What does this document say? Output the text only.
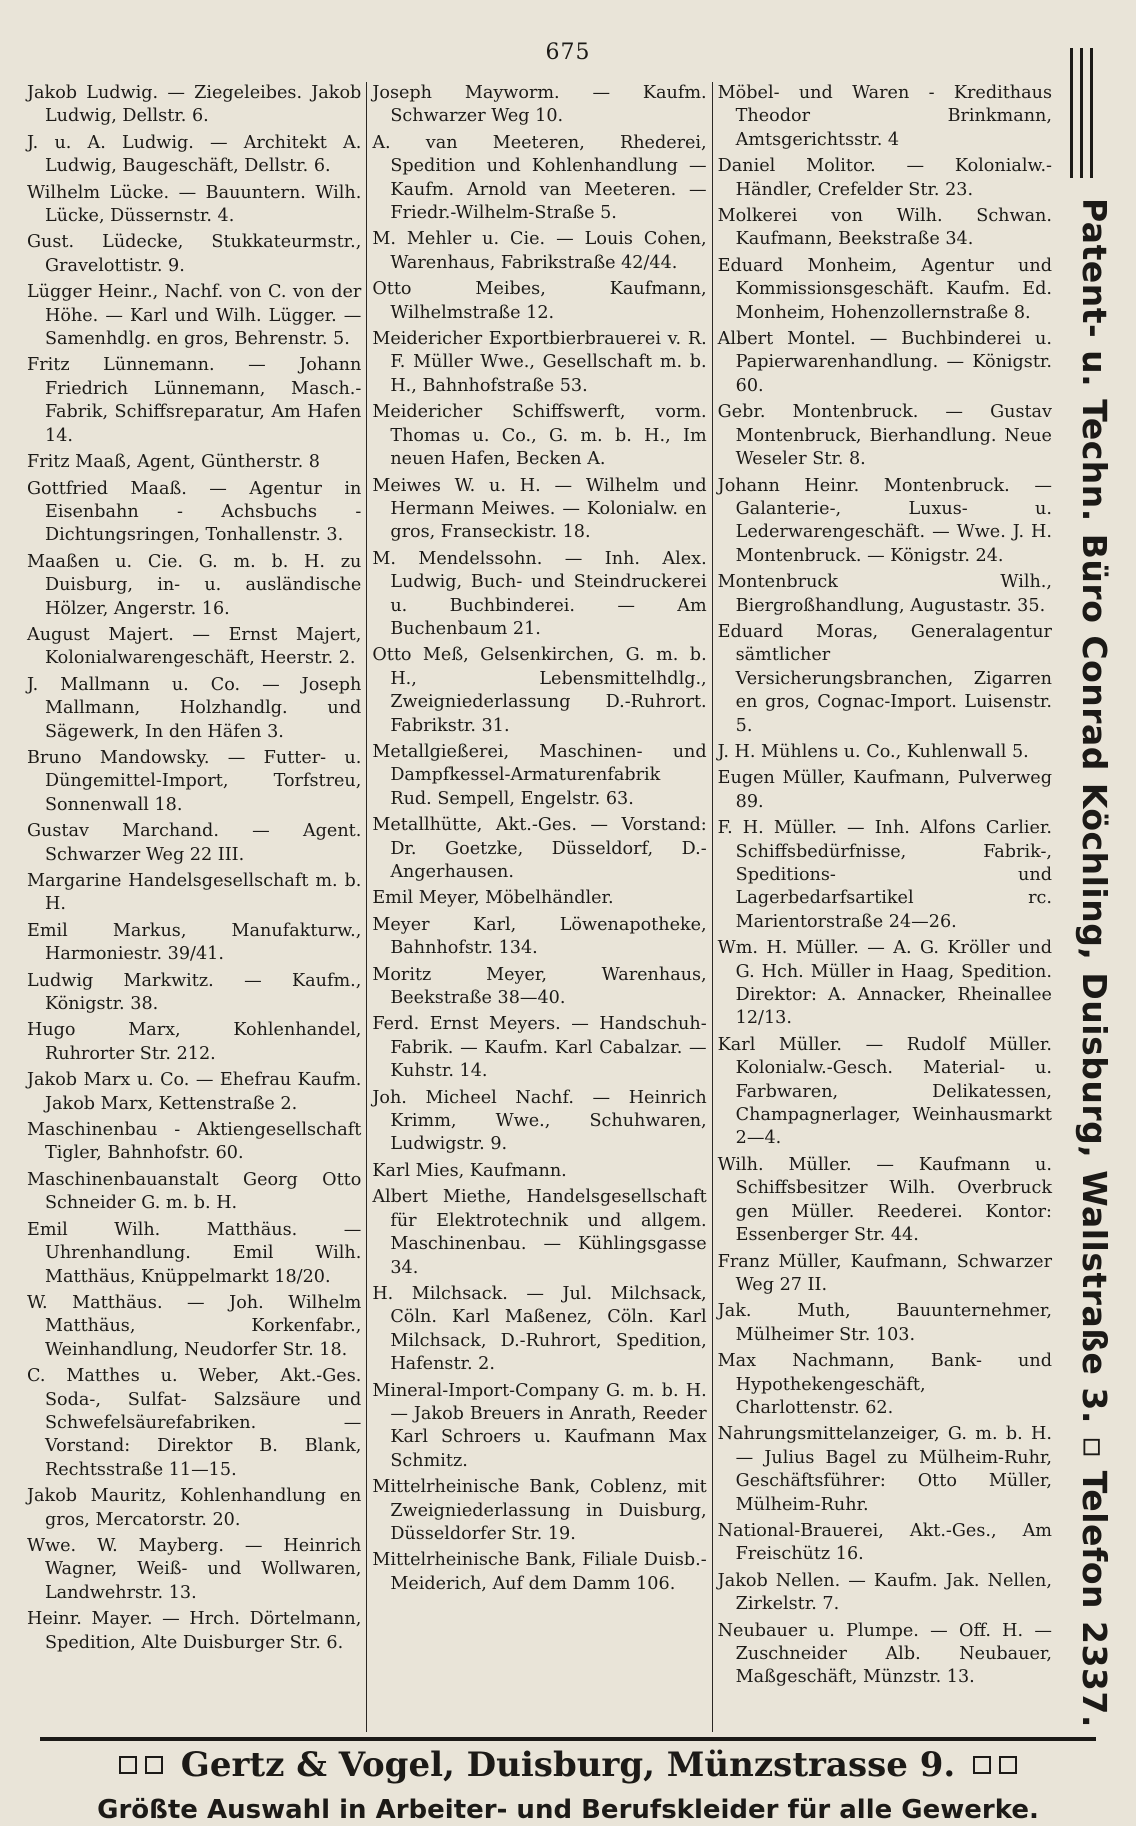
675

Jakob Ludwig. — Ziegeleibes. Jakob Ludwig, Dellstr. 6.

J. u. A. Ludwig. — Architekt A. Ludwig, Baugeschäft, Dellstr. 6.

Wilhelm Lücke. — Bauuntern. Wilh. Lücke, Düssernstr. 4.

Gust. Lüdecke, Stukkateurmstr., Gravelottistr. 9.

Lügger Heinr., Nachf. von C. von der Höhe. — Karl und Wilh. Lügger. — Samenhdlg. en gros, Behrenstr. 5.

Fritz Lünnemann. — Johann Friedrich Lünnemann, Masch.-Fabrik, Schiffsreparatur, Am Hafen 14.

Fritz Maaß, Agent, Güntherstr. 8

Gottfried Maaß. — Agentur in Eisenbahn - Achsbuchs - Dichtungsringen, Tonhallenstr. 3.

Maaßen u. Cie. G. m. b. H. zu Duisburg, in- u. ausländische Hölzer, Angerstr. 16.

August Majert. — Ernst Majert, Kolonialwarengeschäft, Heerstr. 2.

J. Mallmann u. Co. — Joseph Mallmann, Holzhandlg. und Sägewerk, In den Häfen 3.

Bruno Mandowsky. — Futter- u. Düngemittel-Import, Torfstreu, Sonnenwall 18.

Gustav Marchand. — Agent. Schwarzer Weg 22 III.

Margarine Handelsgesellschaft m. b. H.

Emil Markus, Manufakturw., Harmoniestr. 39/41.

Ludwig Markwitz. — Kaufm., Königstr. 38.

Hugo Marx, Kohlenhandel, Ruhrorter Str. 212.

Jakob Marx u. Co. — Ehefrau Kaufm. Jakob Marx, Kettenstraße 2.

Maschinenbau - Aktiengesellschaft Tigler, Bahnhofstr. 60.

Maschinenbauanstalt Georg Otto Schneider G. m. b. H.

Emil Wilh. Matthäus. — Uhrenhandlung. Emil Wilh. Matthäus, Knüppelmarkt 18/20.

W. Matthäus. — Joh. Wilhelm Matthäus, Korkenfabr., Weinhandlung, Neudorfer Str. 18.

C. Matthes u. Weber, Akt.-Ges. Soda-, Sulfat- Salzsäure und Schwefelsäurefabriken. — Vorstand: Direktor B. Blank, Rechtsstraße 11—15.

Jakob Mauritz, Kohlenhandlung en gros, Mercatorstr. 20.

Wwe. W. Mayberg. — Heinrich Wagner, Weiß- und Wollwaren, Landwehrstr. 13.

Heinr. Mayer. — Hrch. Dörtelmann, Spedition, Alte Duisburger Str. 6.

Joseph Mayworm. — Kaufm. Schwarzer Weg 10.

A. van Meeteren, Rhederei, Spedition und Kohlenhandlung —Kaufm. Arnold van Meeteren. — Friedr.-Wilhelm-Straße 5.

M. Mehler u. Cie. — Louis Cohen, Warenhaus, Fabrikstraße 42/44.

Otto Meibes, Kaufmann, Wilhelmstraße 12.

Meidericher Exportbierbrauerei v. R. F. Müller Wwe., Gesellschaft m. b. H., Bahnhofstraße 53.

Meidericher Schiffswerft, vorm. Thomas u. Co., G. m. b. H., Im neuen Hafen, Becken A.

Meiwes W. u. H. — Wilhelm und Hermann Meiwes. — Kolonialw. en gros, Franseckistr. 18.

M. Mendelssohn. — Inh. Alex. Ludwig, Buch- und Steindruckerei u. Buchbinderei. — Am Buchenbaum 21.

Otto Meß, Gelsenkirchen, G. m. b. H., Lebensmittelhdlg., Zweigniederlassung D.-Ruhrort. Fabrikstr. 31.

Metallgießerei, Maschinen- und Dampfkessel-Armaturenfabrik Rud. Sempell, Engelstr. 63.

Metallhütte, Akt.-Ges. — Vorstand: Dr. Goetzke, Düsseldorf, D.-Angerhausen.

Emil Meyer, Möbelhändler.

Meyer Karl, Löwenapotheke, Bahnhofstr. 134.

Moritz Meyer, Warenhaus, Beekstraße 38—40.

Ferd. Ernst Meyers. — Handschuh-Fabrik. — Kaufm. Karl Cabalzar. — Kuhstr. 14.

Joh. Micheel Nachf. — Heinrich Krimm, Wwe., Schuhwaren, Ludwigstr. 9.

Karl Mies, Kaufmann.

Albert Miethe, Handelsgesellschaft für Elektrotechnik und allgem. Maschinenbau. — Kühlingsgasse 34.

H. Milchsack. — Jul. Milchsack, Cöln. Karl Maßenez, Cöln. Karl Milchsack, D.-Ruhrort, Spedition, Hafenstr. 2.

Mineral-Import-Company G. m. b. H. — Jakob Breuers in Anrath, Reeder Karl Schroers u. Kaufmann Max Schmitz.

Mittelrheinische Bank, Coblenz, mit Zweigniederlassung in Duisburg, Düsseldorfer Str. 19.

Mittelrheinische Bank, Filiale Duisb.-Meiderich, Auf dem Damm 106.

Möbel- und Waren - Kredithaus Theodor Brinkmann, Amtsgerichtsstr. 4

Daniel Molitor. — Kolonialw.-Händler, Crefelder Str. 23.

Molkerei von Wilh. Schwan. Kaufmann, Beekstraße 34.

Eduard Monheim, Agentur und Kommissionsgeschäft. Kaufm. Ed. Monheim, Hohenzollernstraße 8.

Albert Montel. — Buchbinderei u. Papierwarenhandlung. — Königstr. 60.

Gebr. Montenbruck. — Gustav Montenbruck, Bierhandlung. Neue Weseler Str. 8.

Johann Heinr. Montenbruck. — Galanterie-, Luxus- u. Lederwarengeschäft. — Wwe. J. H. Montenbruck. — Königstr. 24.

Montenbruck Wilh., Biergroßhandlung, Augustastr. 35.

Eduard Moras, Generalagentur sämtlicher Versicherungsbranchen, Zigarren en gros, Cognac-Import. Luisenstr. 5.

J. H. Mühlens u. Co., Kuhlenwall 5.

Eugen Müller, Kaufmann, Pulverweg 89.

F. H. Müller. — Inh. Alfons Carlier. Schiffsbedürfnisse, Fabrik-, Speditions- und Lagerbedarfsartikel rc. Marientorstraße 24—26.

Wm. H. Müller. — A. G. Kröller und G. Hch. Müller in Haag, Spedition. Direktor: A. Annacker, Rheinallee 12/13.

Karl Müller. — Rudolf Müller. Kolonialw.-Gesch. Material- u. Farbwaren, Delikatessen, Champagnerlager, Weinhausmarkt 2—4.

Wilh. Müller. — Kaufmann u. Schiffsbesitzer Wilh. Overbruck gen Müller. Reederei. Kontor: Essenberger Str. 44.

Franz Müller, Kaufmann, Schwarzer Weg 27 II.

Jak. Muth, Bauunternehmer, Mülheimer Str. 103.

Max Nachmann, Bank- und Hypothekengeschäft, Charlottenstr. 62.

Nahrungsmittelanzeiger, G. m. b. H. — Julius Bagel zu Mülheim-Ruhr, Geschäftsführer: Otto Müller, Mülheim-Ruhr.

National-Brauerei, Akt.-Ges., Am Freischütz 16.

Jakob Nellen. — Kaufm. Jak. Nellen, Zirkelstr. 7.

Neubauer u. Plumpe. — Off. H. — Zuschneider Alb. Neubauer, Maßgeschäft, Münzstr. 13.	Patent- u. Techn. Büro Conrad Köchling, Duisburg, Wallstraße 3. ▫ Telefon 2337.
Gertz & Vogel, Duisburg, Münzstrasse 9.
Größte Auswahl in Arbeiter- und Berufskleider für alle Gewerke.
